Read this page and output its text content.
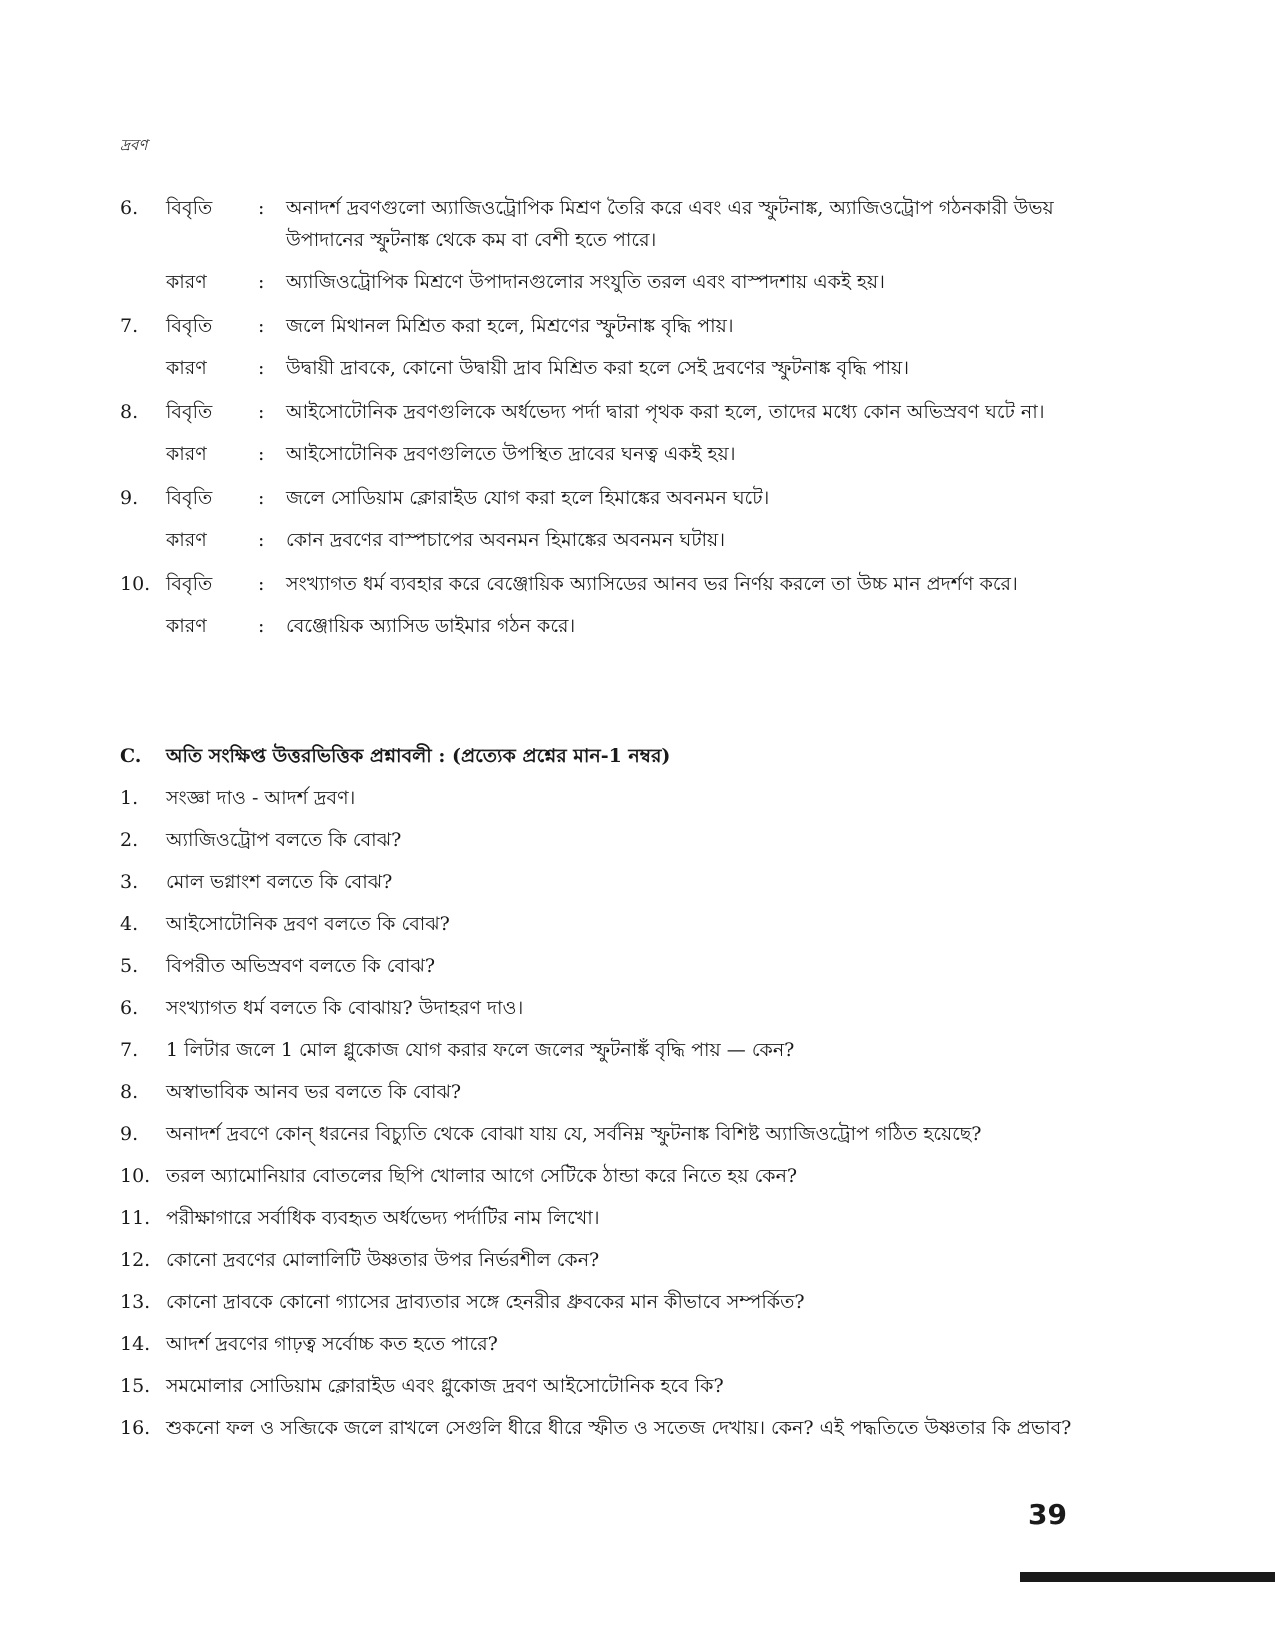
দ্রবণ
6.	বিবৃতি	:	অনাদর্শ দ্রবণগুলো অ্যাজিওট্রোপিক মিশ্রণ তৈরি করে এবং এর স্ফুটনাঙ্ক, অ্যাজিওট্রোপ গঠনকারী উভয় উপাদানের স্ফুটনাঙ্ক থেকে কম বা বেশী হতে পারে।
কারণ	:	অ্যাজিওট্রোপিক মিশ্রণে উপাদানগুলোর সংযুতি তরল এবং বাস্পদশায় একই হয়।
7.	বিবৃতি	:	জলে মিথানল মিশ্রিত করা হলে, মিশ্রণের স্ফুটনাঙ্ক বৃদ্ধি পায়।
কারণ	:	উদ্বায়ী দ্রাবকে, কোনো উদ্বায়ী দ্রাব মিশ্রিত করা হলে সেই দ্রবণের স্ফুটনাঙ্ক বৃদ্ধি পায়।
8.	বিবৃতি	:	আইসোটোনিক দ্রবণগুলিকে অর্ধভেদ্য পর্দা দ্বারা পৃথক করা হলে, তাদের মধ্যে কোন অভিস্রবণ ঘটে না।
কারণ	:	আইসোটোনিক দ্রবণগুলিতে উপস্থিত দ্রাবের ঘনত্ব একই হয়।
9.	বিবৃতি	:	জলে সোডিয়াম ক্লোরাইড যোগ করা হলে হিমাঙ্কের অবনমন ঘটে।
কারণ	:	কোন দ্রবণের বাস্পচাপের অবনমন হিমাঙ্কের অবনমন ঘটায়।
10. বিবৃতি	:	সংখ্যাগত ধর্ম ব্যবহার করে বেঞ্জোয়িক অ্যাসিডের আনব ভর নির্ণয় করলে তা উচ্চ মান প্রদর্শণ করে।
কারণ	:	বেঞ্জোয়িক অ্যাসিড ডাইমার গঠন করে।
C.	অতি সংক্ষিপ্ত উত্তরভিত্তিক প্রশ্নাবলী : (প্রত্যেক প্রশ্নের মান-1 নম্বর)
1.	সংজ্ঞা দাও - আদর্শ দ্রবণ।
2.	অ্যাজিওট্রোপ বলতে কি বোঝ?
3.	মোল ভগ্নাংশ বলতে কি বোঝ?
4.	আইসোটোনিক দ্রবণ বলতে কি বোঝ?
5.	বিপরীত অভিস্রবণ বলতে কি বোঝ?
6.	সংখ্যাগত ধর্ম বলতে কি বোঝায়? উদাহরণ দাও।
7.	1 লিটার জলে 1 মোল গ্লুকোজ যোগ করার ফলে জলের স্ফুটনাঙ্কঁ বৃদ্ধি পায় — কেন?
8.	অস্বাভাবিক আনব ভর বলতে কি বোঝ?
9.	অনাদর্শ দ্রবণে কোন্ ধরনের বিচ্যুতি থেকে বোঝা যায় যে, সর্বনিম্ন স্ফুটনাঙ্ক বিশিষ্ট অ্যাজিওট্রোপ গঠিত হয়েছে?
10. তরল অ্যামোনিয়ার বোতলের ছিপি খোলার আগে সেটিকে ঠান্ডা করে নিতে হয় কেন?
11. পরীক্ষাগারে সর্বাধিক ব্যবহৃত অর্ধভেদ্য পর্দাটির নাম লিখো।
12. কোনো দ্রবণের মোলালিটি উষ্ণতার উপর নির্ভরশীল কেন?
13. কোনো দ্রাবকে কোনো গ্যাসের দ্রাব্যতার সঙ্গে হেনরীর ধ্রুবকের মান কীভাবে সম্পর্কিত?
14. আদর্শ দ্রবণের গাঢ়ত্ব সর্বোচ্চ কত হতে পারে?
15. সমমোলার সোডিয়াম ক্লোরাইড এবং গ্লুকোজ দ্রবণ আইসোটোনিক হবে কি?
16. শুকনো ফল ও সব্জিকে জলে রাখলে সেগুলি ধীরে ধীরে স্ফীত ও সতেজ দেখায়। কেন? এই পদ্ধতিতে উষ্ণতার কি প্রভাব?
39
